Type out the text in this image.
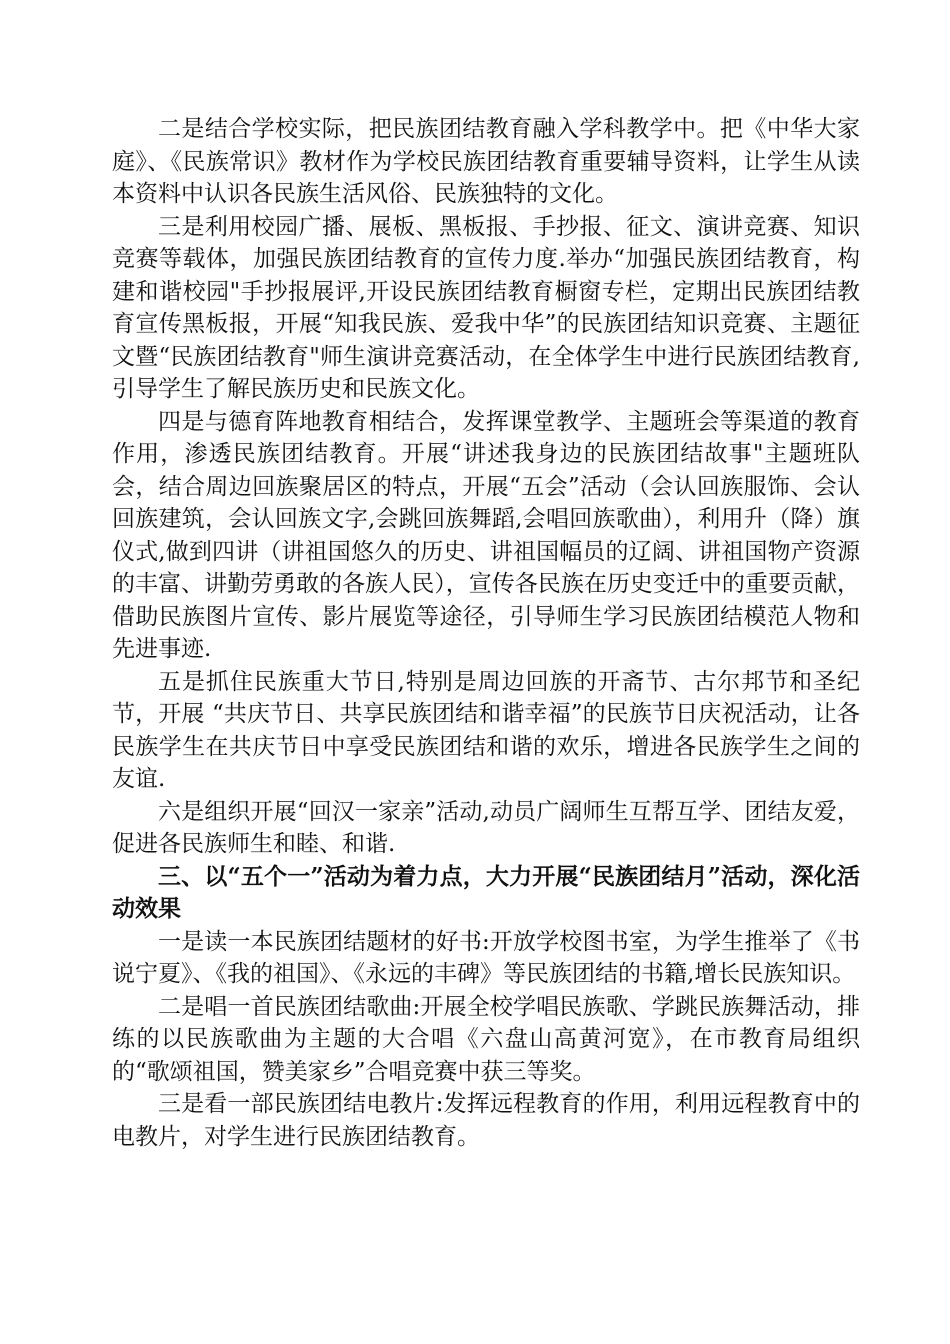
二是结合学校实际，把民族团结教育融入学科教学中。把《中华大家庭》、《民族常识》教材作为学校民族团结教育重要辅导资料，让学生从读本资料中认识各民族生活风俗、民族独特的文化。

三是利用校园广播、展板、黑板报、手抄报、征文、演讲竞赛、知识竞赛等载体，加强民族团结教育的宣传力度.举办“加强民族团结教育，构建和谐校园"手抄报展评,开设民族团结教育橱窗专栏，定期出民族团结教育宣传黑板报，开展“知我民族、爱我中华”的民族团结知识竞赛、主题征文暨“民族团结教育"师生演讲竞赛活动，在全体学生中进行民族团结教育,引导学生了解民族历史和民族文化。

四是与德育阵地教育相结合，发挥课堂教学、主题班会等渠道的教育作用，渗透民族团结教育。开展“讲述我身边的民族团结故事"主题班队会，结合周边回族聚居区的特点，开展“五会”活动（会认回族服饰、会认回族建筑，会认回族文字,会跳回族舞蹈,会唱回族歌曲），利用升（降）旗仪式,做到四讲（讲祖国悠久的历史、讲祖国幅员的辽阔、讲祖国物产资源的丰富、讲勤劳勇敢的各族人民），宣传各民族在历史变迁中的重要贡献，借助民族图片宣传、影片展览等途径，引导师生学习民族团结模范人物和先进事迹.

五是抓住民族重大节日,特别是周边回族的开斋节、古尔邦节和圣纪节，开展 “共庆节日、共享民族团结和谐幸福”的民族节日庆祝活动，让各民族学生在共庆节日中享受民族团结和谐的欢乐，增进各民族学生之间的友谊.

六是组织开展“回汉一家亲”活动,动员广阔师生互帮互学、团结友爱，促进各民族师生和睦、和谐.

三、以“五个一”活动为着力点，大力开展“民族团结月”活动，深化活动效果

一是读一本民族团结题材的好书:开放学校图书室，为学生推举了《书说宁夏》、《我的祖国》、《永远的丰碑》等民族团结的书籍,增长民族知识。

二是唱一首民族团结歌曲:开展全校学唱民族歌、学跳民族舞活动，排练的以民族歌曲为主题的大合唱《六盘山高黄河宽》，在市教育局组织的“歌颂祖国，赞美家乡”合唱竞赛中获三等奖。

三是看一部民族团结电教片:发挥远程教育的作用，利用远程教育中的电教片，对学生进行民族团结教育。
